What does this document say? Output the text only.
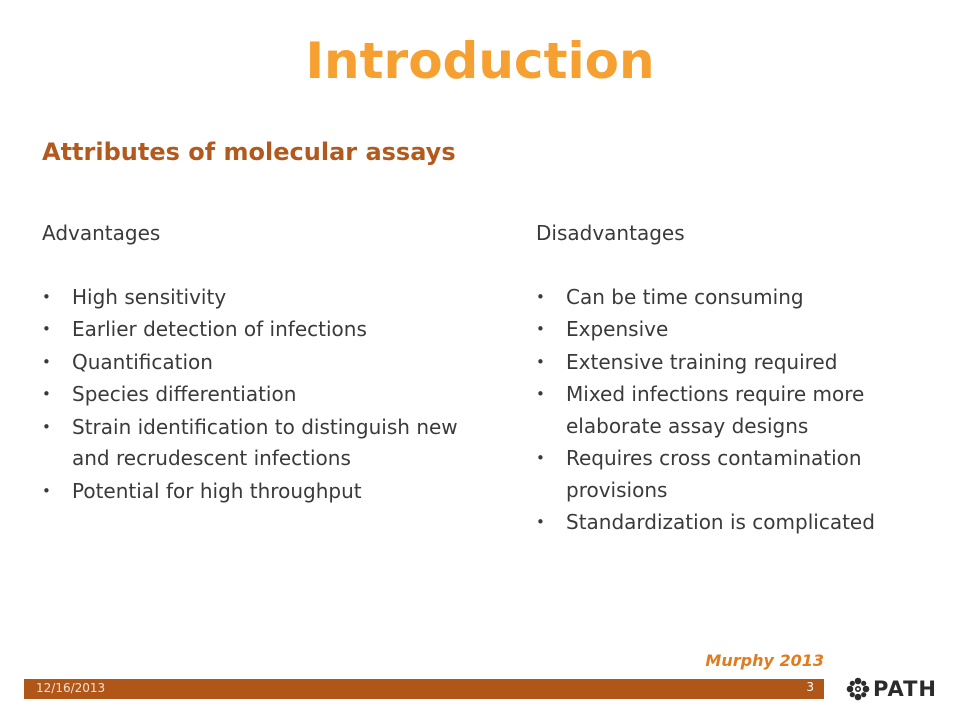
Introduction
Attributes of molecular assays

Advantages

• High sensitivity
• Earlier detection of infections
• Quantification
• Species differentiation
• Strain identification to distinguish new and recrudescent infections
• Potential for high throughput

Disadvantages

• Can be time consuming
• Expensive
• Extensive training required
• Mixed infections require more elaborate assay designs
• Requires cross contamination provisions
• Standardization is complicated
Murphy 2013
12/16/2013	3	PATH
